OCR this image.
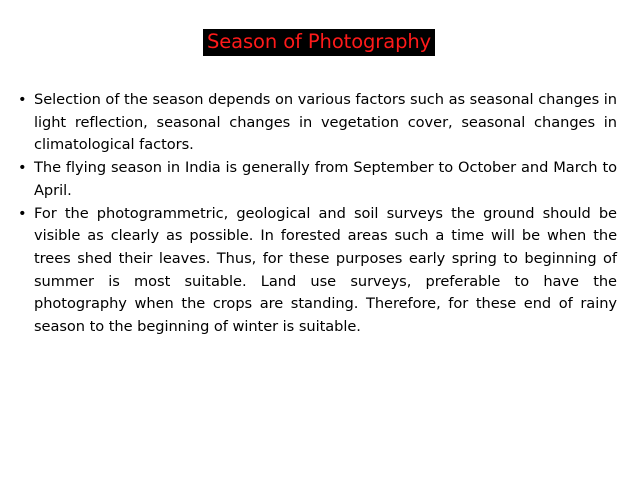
Season of Photography
• Selection of the season depends on various factors such as seasonal changes in light reflection, seasonal changes in vegetation cover, seasonal changes in climatological factors.
• The flying season in India is generally from September to October and March to April.
• For the photogrammetric, geological and soil surveys the ground should be visible as clearly as possible. In forested areas such a time will be when the trees shed their leaves. Thus, for these purposes early spring to beginning of summer is most suitable. Land use surveys, preferable to have the photography when the crops are standing. Therefore, for these end of rainy season to the beginning of winter is suitable.
